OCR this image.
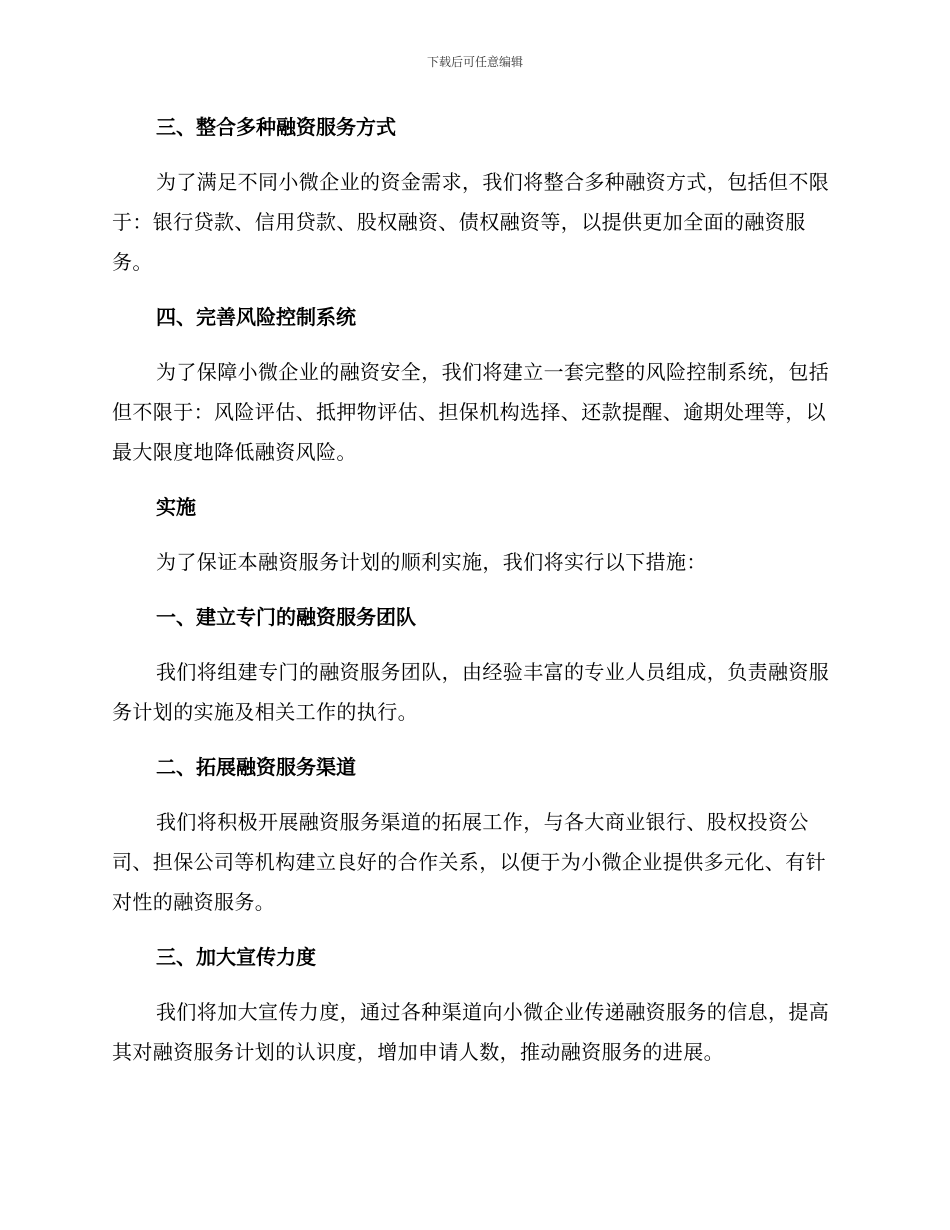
下载后可任意编辑
三、整合多种融资服务方式
为了满足不同小微企业的资金需求，我们将整合多种融资方式，包括但不限于：银行贷款、信用贷款、股权融资、债权融资等，以提供更加全面的融资服务。
四、完善风险控制系统
为了保障小微企业的融资安全，我们将建立一套完整的风险控制系统，包括但不限于：风险评估、抵押物评估、担保机构选择、还款提醒、逾期处理等，以最大限度地降低融资风险。
实施
为了保证本融资服务计划的顺利实施，我们将实行以下措施：
一、建立专门的融资服务团队
我们将组建专门的融资服务团队，由经验丰富的专业人员组成，负责融资服务计划的实施及相关工作的执行。
二、拓展融资服务渠道
我们将积极开展融资服务渠道的拓展工作，与各大商业银行、股权投资公司、担保公司等机构建立良好的合作关系，以便于为小微企业提供多元化、有针对性的融资服务。
三、加大宣传力度
我们将加大宣传力度，通过各种渠道向小微企业传递融资服务的信息，提高其对融资服务计划的认识度，增加申请人数，推动融资服务的进展。
